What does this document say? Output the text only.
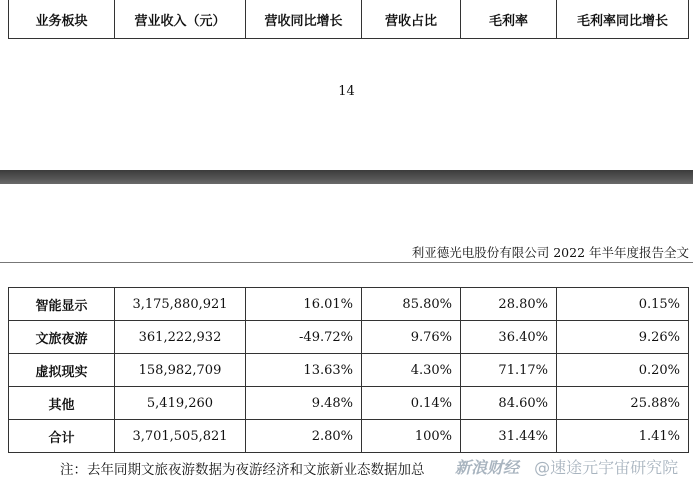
业务板块	营业收入（元）	营收同比增长	营收占比	毛利率	毛利率同比增长
14
利亚德光电股份有限公司 2022 年半年度报告全文
智能显示	3,175,880,921	16.01%	85.80%	28.80%	0.15%
文旅夜游	361,222,932	-49.72%	9.76%	36.40%	9.26%
虚拟现实	158,982,709	13.63%	4.30%	71.17%	0.20%
其他	5,419,260	9.48%	0.14%	84.60%	25.88%
合计	3,701,505,821	2.80%	100%	31.44%	1.41%
注：去年同期文旅夜游数据为夜游经济和文旅新业态数据加总 新浪财经 @速途元宇宙研究院
